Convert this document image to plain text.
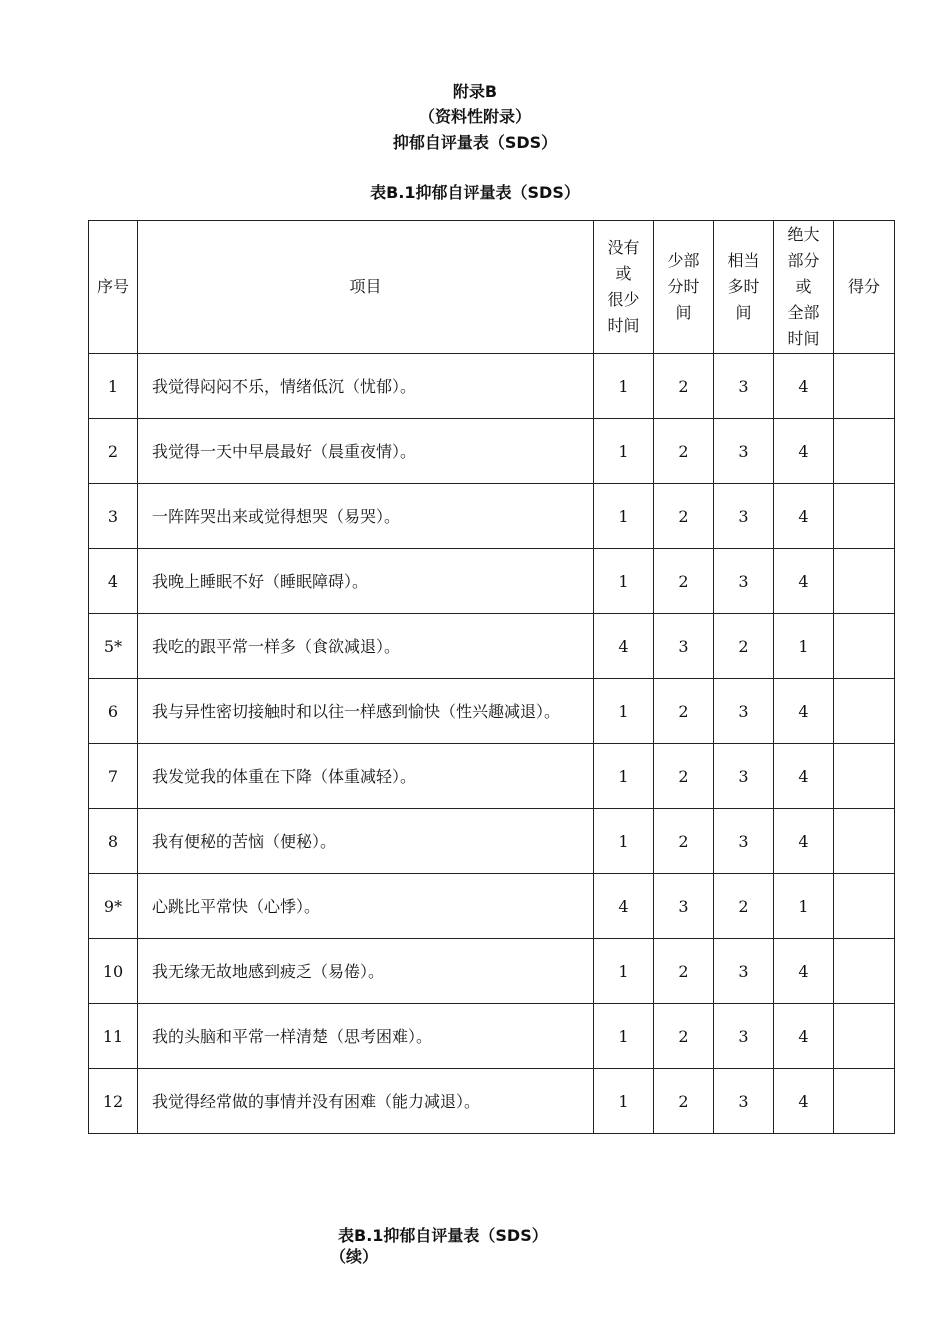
附录B
（资料性附录）
抑郁自评量表（SDS）
表B.1抑郁自评量表（SDS）
序号	项目	没有
或
很少
时间	少部
分时
间	相当
多时
间	绝大
部分
或
全部
时间	得分
1	我觉得闷闷不乐，情绪低沉（忧郁）。	1	2	3	4	
2	我觉得一天中早晨最好（晨重夜情）。	1	2	3	4	
3	一阵阵哭出来或觉得想哭（易哭）。	1	2	3	4	
4	我晚上睡眠不好（睡眠障碍）。	1	2	3	4	
5*	我吃的跟平常一样多（食欲减退）。	4	3	2	1	
6	我与异性密切接触时和以往一样感到愉快（性兴趣减退）。	1	2	3	4	
7	我发觉我的体重在下降（体重减轻）。	1	2	3	4	
8	我有便秘的苦恼（便秘）。	1	2	3	4	
9*	心跳比平常快（心悸）。	4	3	2	1	
10	我无缘无故地感到疲乏（易倦）。	1	2	3	4	
11	我的头脑和平常一样清楚（思考困难）。	1	2	3	4	
12	我觉得经常做的事情并没有困难（能力减退）。	1	2	3	4	
表B.1抑郁自评量表（SDS）
（续）
